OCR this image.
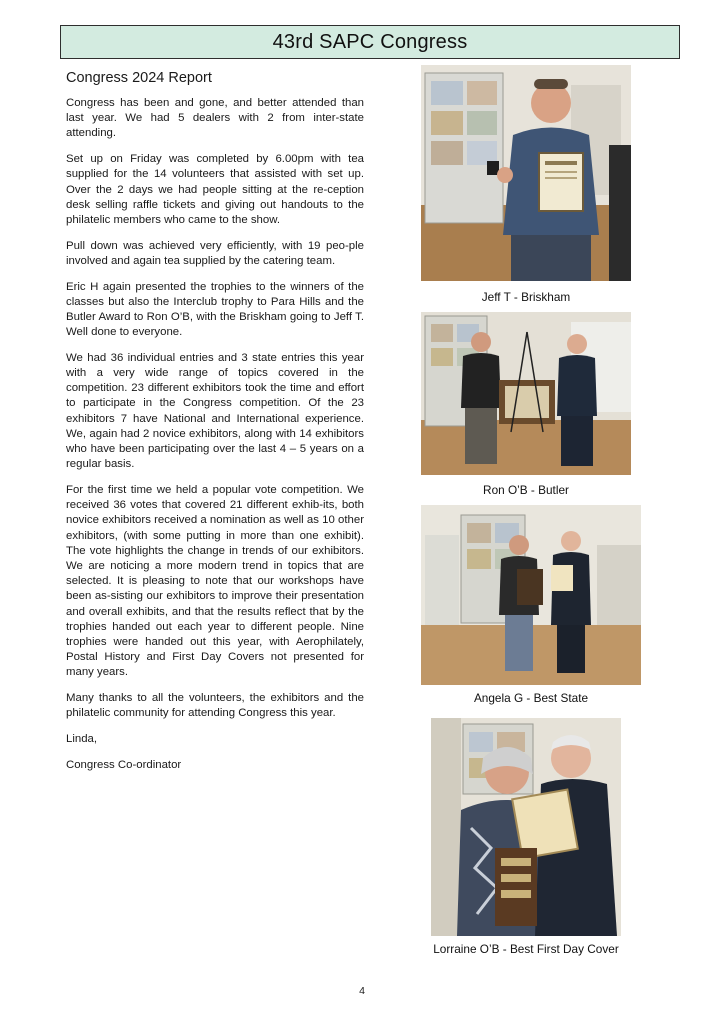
43rd SAPC Congress
Congress 2024 Report

Congress has been and gone, and better attended than last year. We had 5 dealers with 2 from inter-state attending.

Set up on Friday was completed by 6.00pm with tea supplied for the 14 volunteers that assisted with set up. Over the 2 days we had people sitting at the re-ception desk selling raffle tickets and giving out handouts to the philatelic members who came to the show.

Pull down was achieved very efficiently, with 19 peo-ple involved and again tea supplied by the catering team.

Eric H again presented the trophies to the winners of the classes but also the Interclub trophy to Para Hills and the Butler Award to Ron O’B, with the Briskham going to Jeff T. Well done to everyone.

We had 36 individual entries and 3 state entries this year with a very wide range of topics covered in the competition. 23 different exhibitors took the time and effort to participate in the Congress competition. Of the 23 exhibitors 7 have National and International experience. We, again had 2 novice exhibitors, along with 14 exhibitors who have been participating over the last 4 – 5 years on a regular basis.

For the first time we held a popular vote competition. We received 36 votes that covered 21 different exhib-its, both novice exhibitors received a nomination as well as 10 other exhibitors, (with some putting in more than one exhibit). The vote highlights the change in trends of our exhibitors. We are noticing a more modern trend in topics that are selected. It is pleasing to note that our workshops have been as-sisting our exhibitors to improve their presentation and overall exhibits, and that the results reflect that by the trophies handed out each year to different people. Nine trophies were handed out this year, with Aerophilately, Postal History and First Day Covers not presented for many years.

Many thanks to all the volunteers, the exhibitors and the philatelic community for attending Congress this year.

Linda,

Congress Co-ordinator

Jeff T - Briskham
Ron O’B - Butler
Angela G - Best State
Lorraine O’B - Best First Day Cover
4
